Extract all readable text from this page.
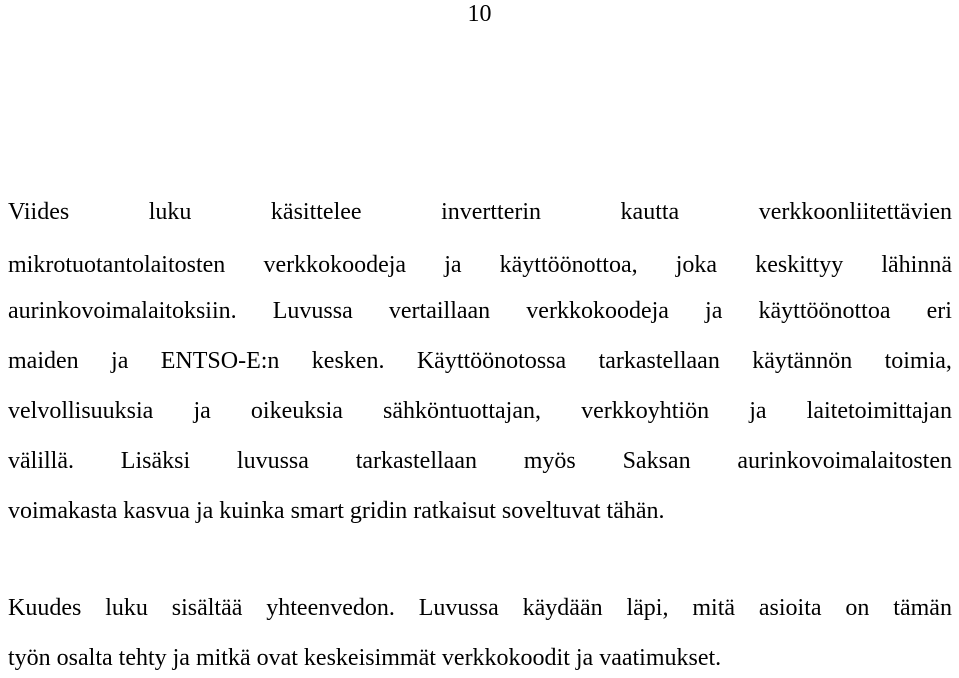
10
Viides	luku	käsittelee	invertterin	kautta	verkkoonliitettävien
mikrotuotantolaitosten verkkokoodeja ja käyttöönottoa, joka keskittyy lähinnä
aurinkovoimalaitoksiin. Luvussa vertaillaan verkkokoodeja ja käyttöönottoa eri
maiden ja ENTSO-E:n kesken. Käyttöönotossa tarkastellaan käytännön toimia,
velvollisuuksia ja oikeuksia sähköntuottajan, verkkoyhtiön ja laitetoimittajan
välillä. Lisäksi luvussa tarkastellaan myös Saksan aurinkovoimalaitosten
voimakasta kasvua ja kuinka smart gridin ratkaisut soveltuvat tähän.
Kuudes luku sisältää yhteenvedon. Luvussa käydään läpi, mitä asioita on tämän
työn osalta tehty ja mitkä ovat keskeisimmät verkkokoodit ja vaatimukset.
